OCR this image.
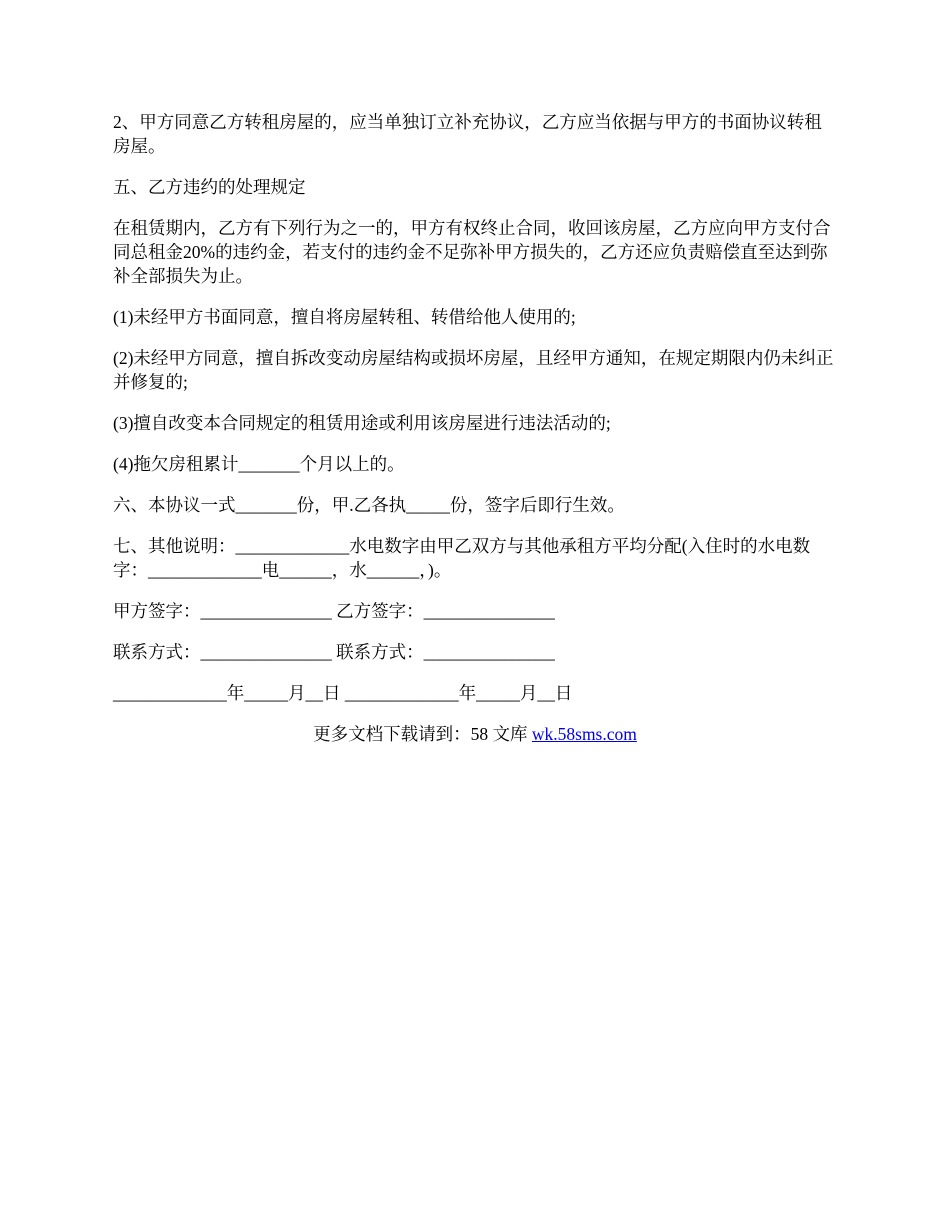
2、甲方同意乙方转租房屋的，应当单独订立补充协议，乙方应当依据与甲方的书面协议转租房屋。

五、乙方违约的处理规定

在租赁期内，乙方有下列行为之一的，甲方有权终止合同，收回该房屋，乙方应向甲方支付合同总租金20%的违约金，若支付的违约金不足弥补甲方损失的，乙方还应负责赔偿直至达到弥补全部损失为止。

(1)未经甲方书面同意，擅自将房屋转租、转借给他人使用的;

(2)未经甲方同意，擅自拆改变动房屋结构或损坏房屋，且经甲方通知，在规定期限内仍未纠正并修复的;

(3)擅自改变本合同规定的租赁用途或利用该房屋进行违法活动的;

(4)拖欠房租累计_______个月以上的。

六、本协议一式_______份，甲.乙各执_____份，签字后即行生效。

七、其他说明：_____________水电数字由甲乙双方与其他承租方平均分配(入住时的水电数字：_____________电______，水______，)。

甲方签字：_______________ 乙方签字：_______________

联系方式：_______________ 联系方式：_______________

_____________年_____月__日 _____________年_____月__日

更多文档下载请到：58 文库 wk.58sms.com
